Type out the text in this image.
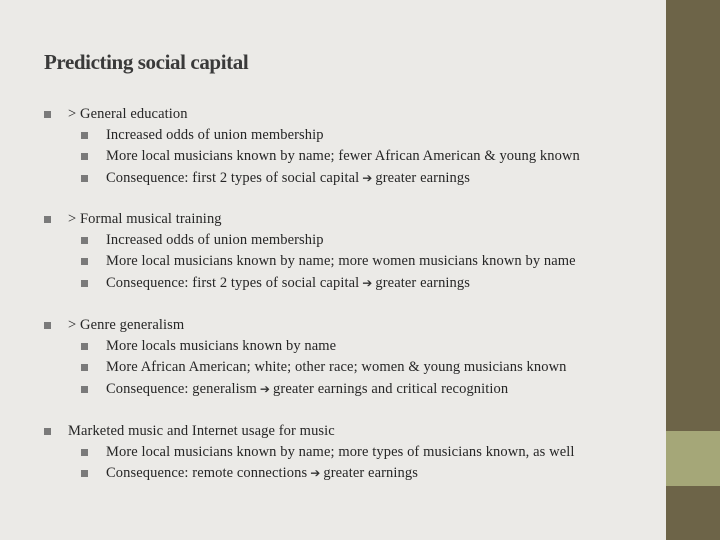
Predicting social capital
> General education
Increased odds of union membership
More local musicians known by name; fewer African American & young known
Consequence: first 2 types of social capital ➔ greater earnings
> Formal musical training
Increased odds of union membership
More local musicians known by name; more women musicians known by name
Consequence: first 2 types of social capital ➔ greater earnings
> Genre generalism
More locals musicians known by name
More African American; white; other race; women & young musicians known
Consequence: generalism ➔ greater earnings and critical recognition
Marketed music and Internet usage for music
More local musicians known by name; more types of musicians known, as well
Consequence: remote connections ➔ greater earnings
